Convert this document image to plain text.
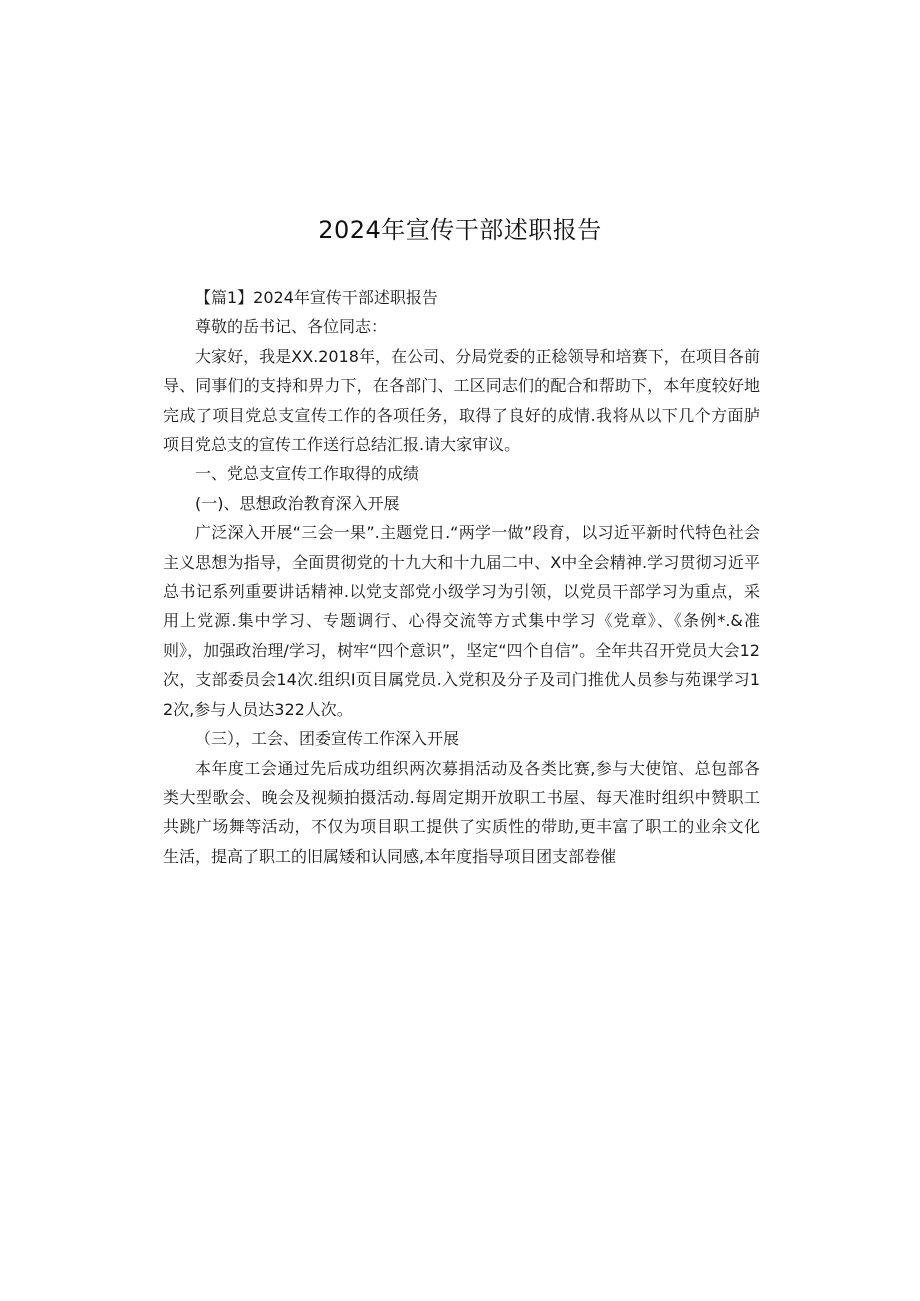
2024年宣传干部述职报告

【篇1】2024年宣传干部述职报告

尊敬的岳书记、各位同志：

大家好，我是XX.2018年，在公司、分局党委的正稔领导和培赛下，在项目各前导、同事们的支持和畀力下，在各部门、工区同志们的配合和帮助下，本年度较好地完成了项目党总支宣传工作的各项任务，取得了良好的成情.我将从以下几个方面胪项目党总支的宣传工作送行总结汇报.请大家审议。

一、党总支宣传工作取得的成绩

(一)、思想政治教育深入开展

广泛深入开展“三会一果”.主题党日.“两学一做”段育，以习近平新时代特色社会主义思想为指导，全面贯彻党的十九大和十九届二中、X中全会精神.学习贯彻习近平总书记系列重要讲话精神.以党支部党小级学习为引领，以党员干部学习为重点，采用上党源.集中学习、专题调行、心得交流等方式集中学习《党章》、《条例*.&准则》，加强政治理/学习，树牢“四个意识”，坚定“四个自信”。全年共召开党员大会12次，支部委员会14次.组织I页目属党员.入党积及分子及司门推优人员参与苑课学习12次,参与人员达322人次。

（三），工会、团委宣传工作深入开展

本年度工会通过先后成功组织两次募捐活动及各类比赛,参与大使馆、总包部各类大型歌会、晚会及视频拍摄活动.每周定期开放职工书屋、每天准时组织中赞职工共跳广场舞等活动，不仅为项目职工提供了实质性的带助,更丰富了职工的业余文化生活，提高了职工的旧属矮和认同感,本年度指导项目团支部卷催
